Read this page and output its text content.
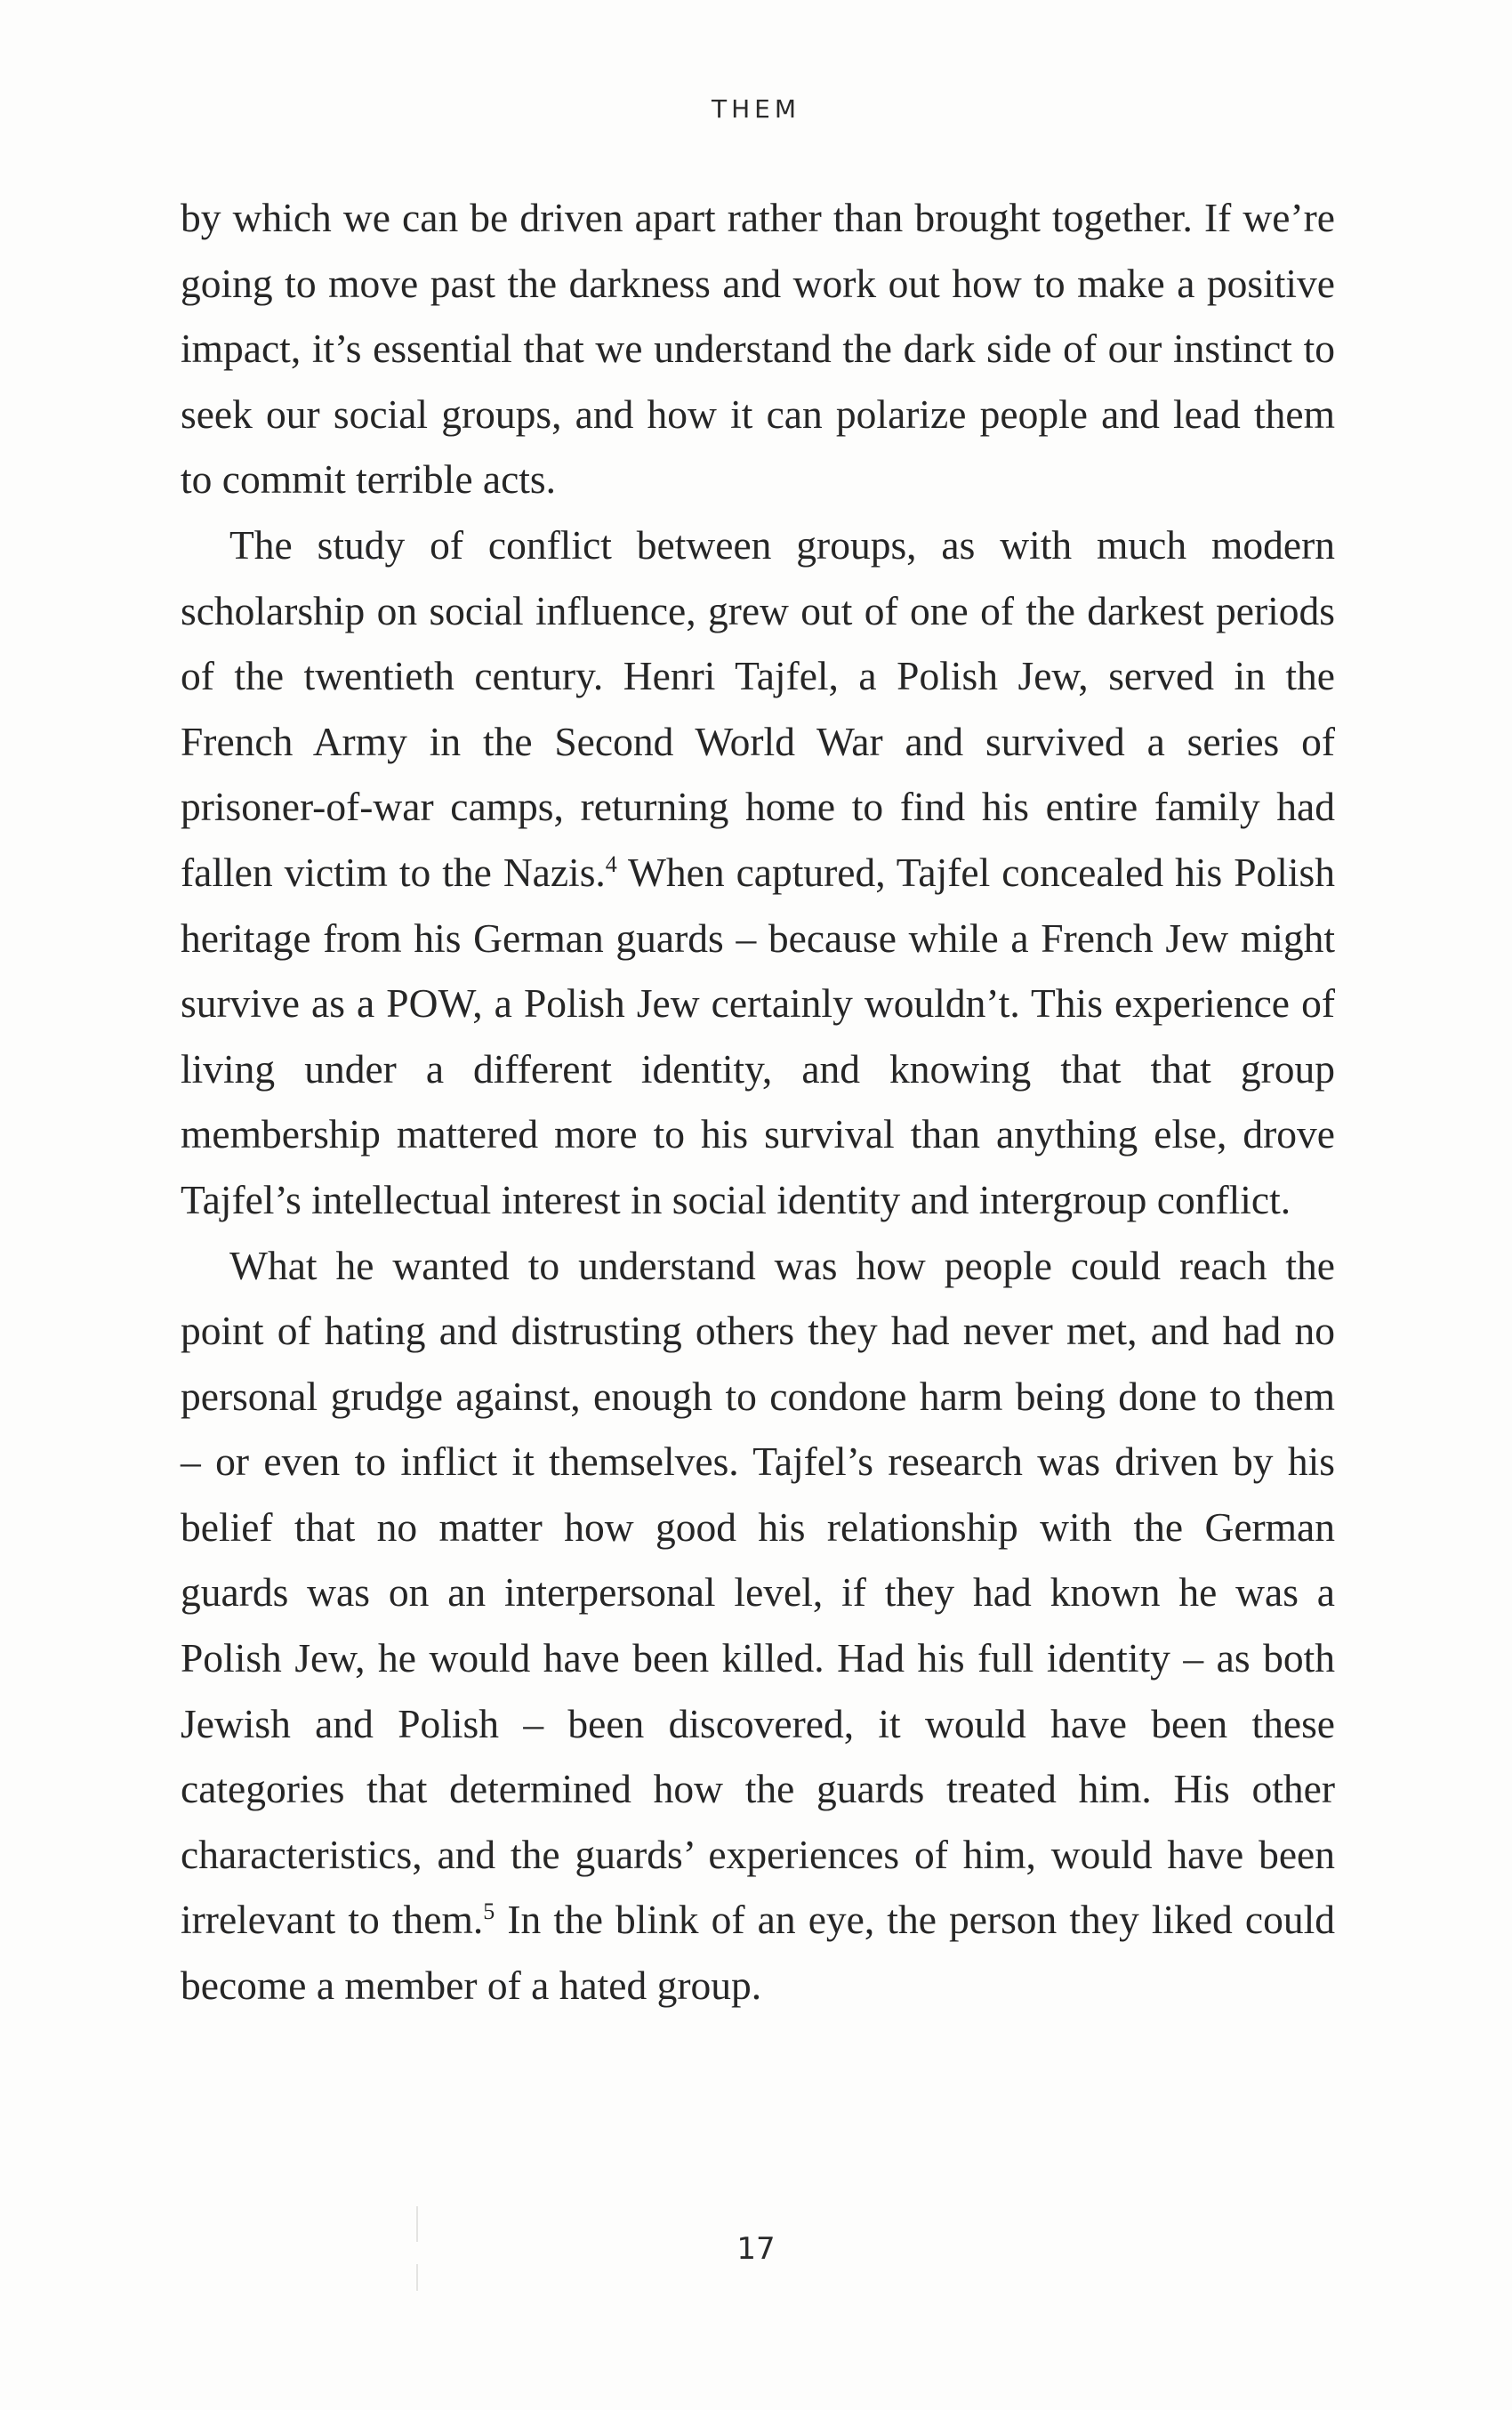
THEM

by which we can be driven apart rather than brought together. If we’re going to move past the darkness and work out how to make a positive impact, it’s essential that we understand the dark side of our instinct to seek our social groups, and how it can polarize people and lead them to commit terrible acts.

The study of conflict between groups, as with much modern scholarship on social influence, grew out of one of the darkest periods of the twentieth century. Henri Tajfel, a Polish Jew, served in the French Army in the Second World War and survived a series of prisoner-of-war camps, returning home to find his entire family had fallen victim to the Nazis.$^4$ When captured, Tajfel concealed his Polish heritage from his German guards – because while a French Jew might survive as a POW, a Polish Jew certainly wouldn’t. This experience of living under a different identity, and knowing that that group membership mattered more to his survival than anything else, drove Tajfel’s intellectual interest in social identity and intergroup conflict.

What he wanted to understand was how people could reach the point of hating and distrusting others they had never met, and had no personal grudge against, enough to condone harm being done to them – or even to inflict it themselves. Tajfel’s research was driven by his belief that no matter how good his relationship with the German guards was on an interpersonal level, if they had known he was a Polish Jew, he would have been killed. Had his full identity – as both Jewish and Polish – been discovered, it would have been these categories that determined how the guards treated him. His other characteristics, and the guards’ experiences of him, would have been irrelevant to them.$^5$ In the blink of an eye, the person they liked could become a member of a hated group.

17
